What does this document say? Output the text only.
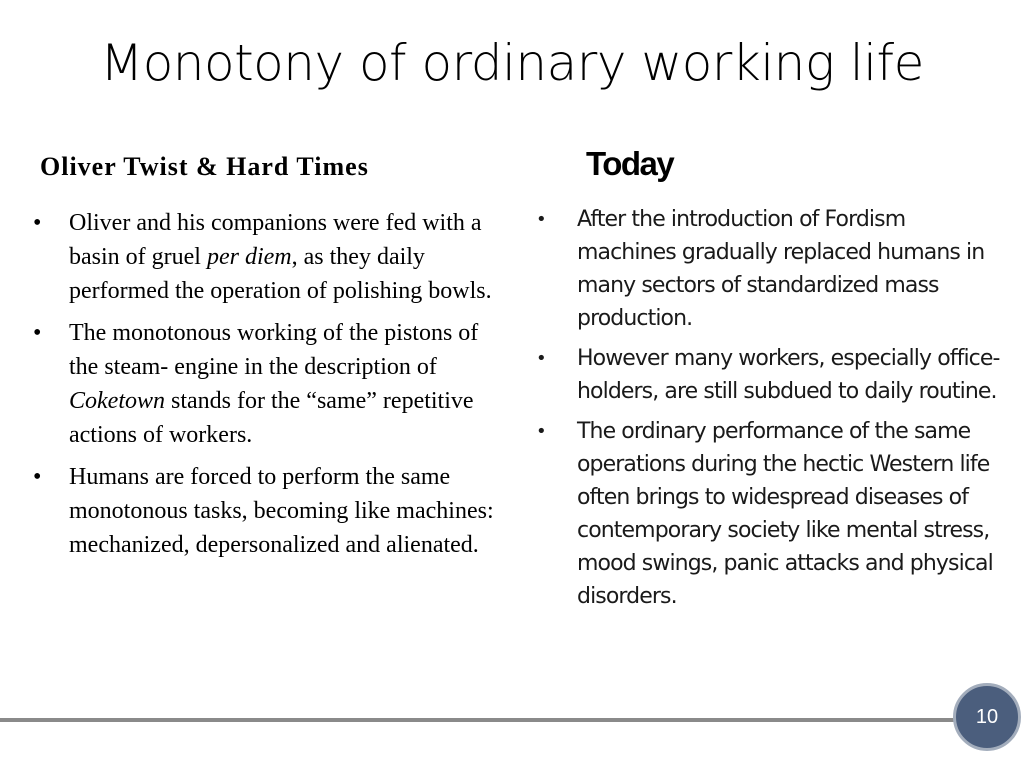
Monotony of ordinary working life
Oliver Twist & Hard Times
• Oliver and his companions were fed with a basin of gruel per diem, as they daily performed the operation of polishing bowls.
• The monotonous working of the pistons of the steam- engine in the description of Coketown stands for the “same” repetitive actions of workers.
• Humans are forced to perform the same monotonous tasks, becoming like machines: mechanized, depersonalized and alienated.
Today
• After the introduction of Fordism machines gradually replaced humans in many sectors of standardized mass production.
• However many workers, especially office-holders, are still subdued to daily routine.
• The ordinary performance of the same operations during the hectic Western life often brings to widespread diseases of contemporary society like mental stress, mood swings, panic attacks and physical disorders.
10
